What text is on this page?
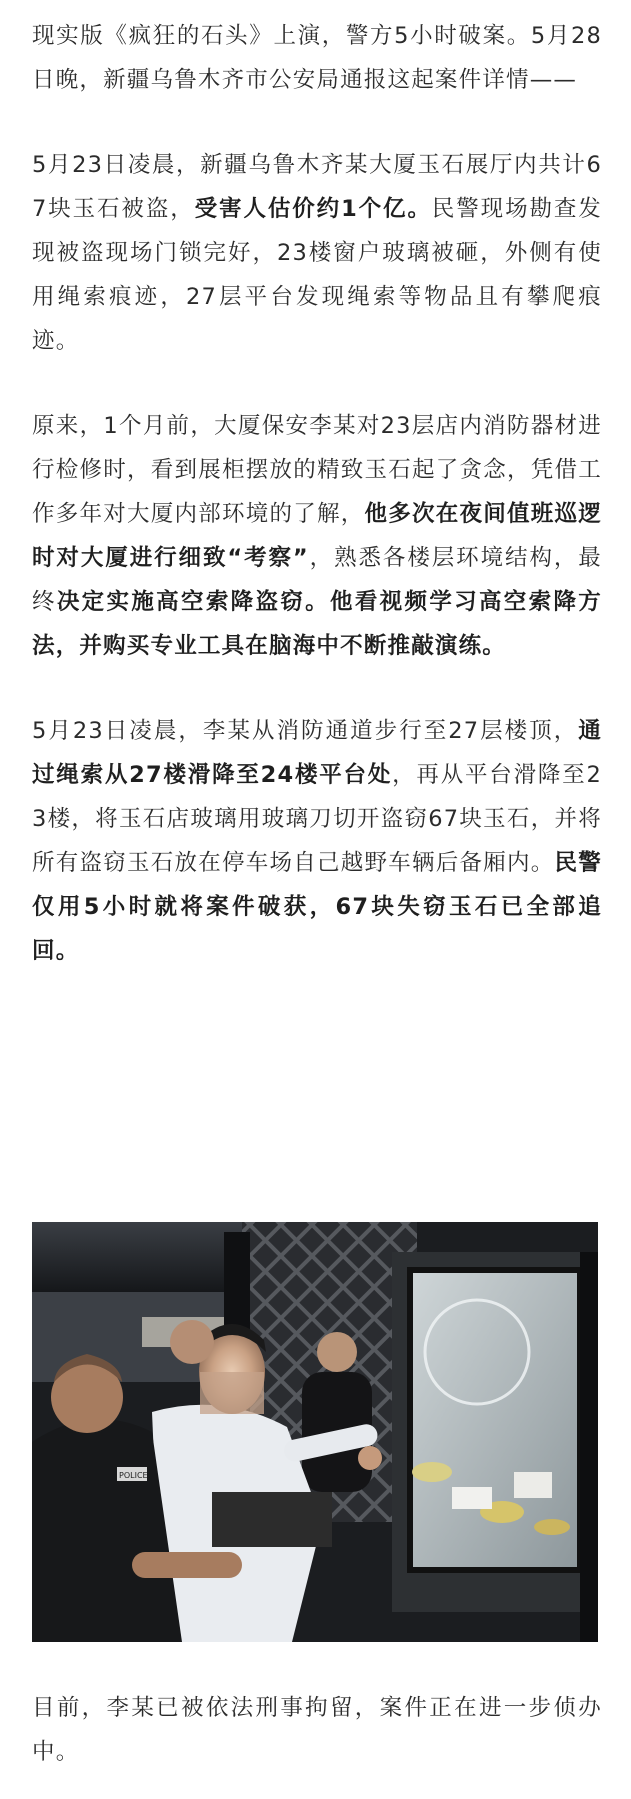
现实版《疯狂的石头》上演，警方5小时破案。5月28日晚，新疆乌鲁木齐市公安局通报这起案件详情——

5月23日凌晨，新疆乌鲁木齐某大厦玉石展厅内共计67块玉石被盗，受害人估价约1个亿。民警现场勘查发现被盗现场门锁完好，23楼窗户玻璃被砸，外侧有使用绳索痕迹，27层平台发现绳索等物品且有攀爬痕迹。

原来，1个月前，大厦保安李某对23层店内消防器材进行检修时，看到展柜摆放的精致玉石起了贪念，凭借工作多年对大厦内部环境的了解，他多次在夜间值班巡逻时对大厦进行细致“考察”，熟悉各楼层环境结构，最终决定实施高空索降盗窃。他看视频学习高空索降方法，并购买专业工具在脑海中不断推敲演练。

5月23日凌晨，李某从消防通道步行至27层楼顶，通过绳索从27楼滑降至24楼平台处，再从平台滑降至23楼，将玉石店玻璃用玻璃刀切开盗窃67块玉石，并将所有盗窃玉石放在停车场自己越野车辆后备厢内。民警仅用5小时就将案件破获，67块失窃玉石已全部追回。

POLICE

目前，李某已被依法刑事拘留，案件正在进一步侦办中。
